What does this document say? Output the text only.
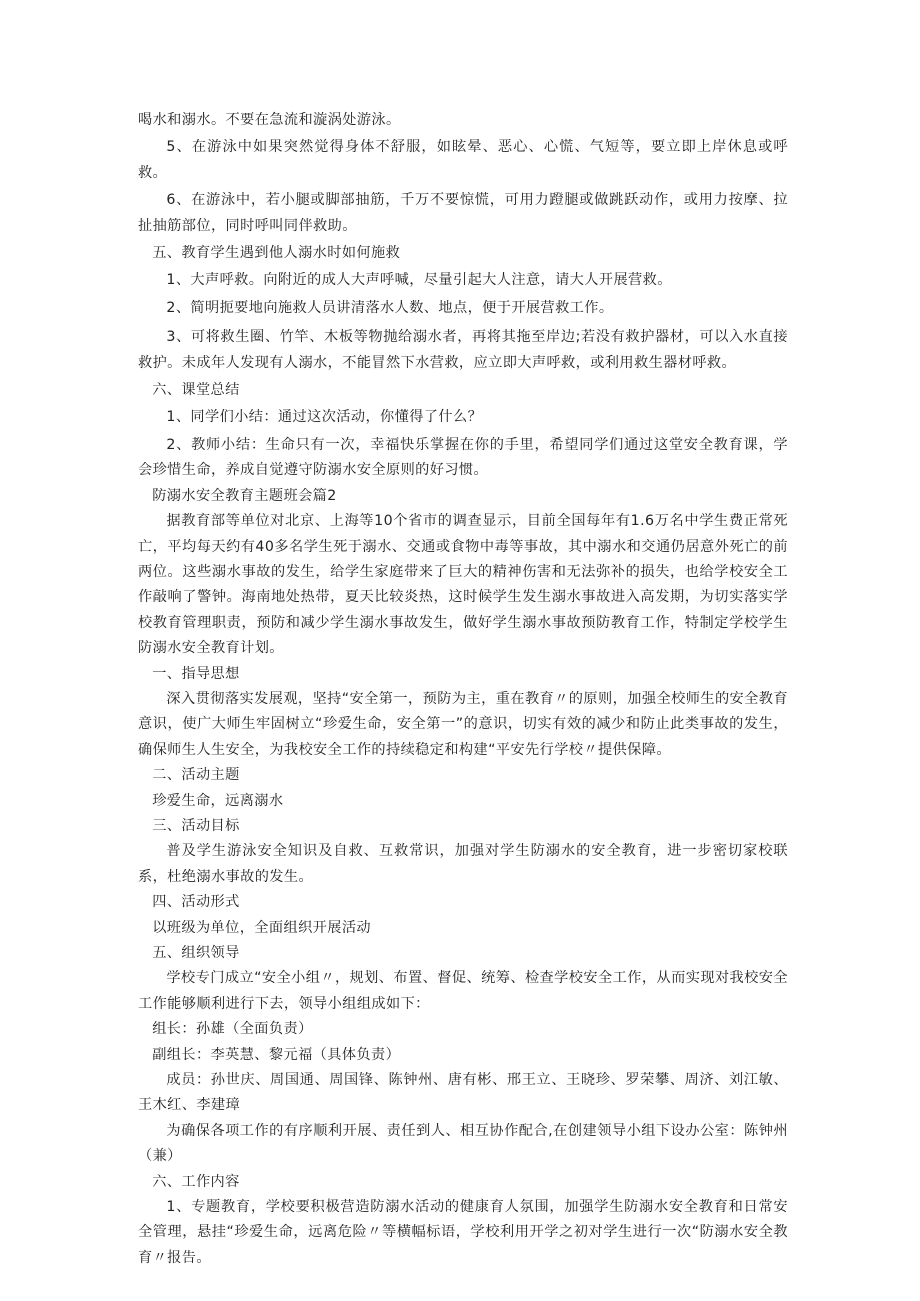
喝水和溺水。不要在急流和漩涡处游泳。

5、在游泳中如果突然觉得身体不舒服，如眩晕、恶心、心慌、气短等，要立即上岸休息或呼救。

6、在游泳中，若小腿或脚部抽筋，千万不要惊慌，可用力蹬腿或做跳跃动作，或用力按摩、拉扯抽筋部位，同时呼叫同伴救助。

五、教育学生遇到他人溺水时如何施救

1、大声呼救。向附近的成人大声呼喊，尽量引起大人注意，请大人开展营救。

2、简明扼要地向施救人员讲清落水人数、地点，便于开展营救工作。

3、可将救生圈、竹竿、木板等物抛给溺水者，再将其拖至岸边;若没有救护器材，可以入水直接救护。未成年人发现有人溺水，不能冒然下水营救，应立即大声呼救，或利用救生器材呼救。

六、课堂总结

1、同学们小结：通过这次活动，你懂得了什么？

2、教师小结：生命只有一次，幸福快乐掌握在你的手里，希望同学们通过这堂安全教育课，学会珍惜生命，养成自觉遵守防溺水安全原则的好习惯。

防溺水安全教育主题班会篇2

据教育部等单位对北京、上海等10个省市的调查显示，目前全国每年有1.6万名中学生费正常死亡，平均每天约有40多名学生死于溺水、交通或食物中毒等事故，其中溺水和交通仍居意外死亡的前两位。这些溺水事故的发生，给学生家庭带来了巨大的精神伤害和无法弥补的损失，也给学校安全工作敲响了警钟。海南地处热带，夏天比较炎热，这时候学生发生溺水事故进入高发期，为切实落实学校教育管理职责，预防和减少学生溺水事故发生，做好学生溺水事故预防教育工作，特制定学校学生防溺水安全教育计划。

一、指导思想

深入贯彻落实发展观，坚持“安全第一，预防为主，重在教育〃的原则，加强全校师生的安全教育意识，使广大师生牢固树立“珍爱生命，安全第一”的意识，切实有效的减少和防止此类事故的发生，确保师生人生安全，为我校安全工作的持续稳定和构建“平安先行学校〃提供保障。

二、活动主题

珍爱生命，远离溺水

三、活动目标

普及学生游泳安全知识及自救、互救常识，加强对学生防溺水的安全教育，进一步密切家校联系，杜绝溺水事故的发生。

四、活动形式

以班级为单位，全面组织开展活动

五、组织领导

学校专门成立“安全小组〃，规划、布置、督促、统筹、检查学校安全工作，从而实现对我校安全工作能够顺利进行下去，领导小组组成如下：

组长：孙雄（全面负责）

副组长：李英慧、黎元福（具体负责）

成员：孙世庆、周国通、周国锋、陈钟州、唐有彬、邢王立、王晓珍、罗荣攀、周济、刘江敏、王木红、李建璋

为确保各项工作的有序顺利开展、责任到人、相互协作配合,在创建领导小组下设办公室：陈钟州（兼）

六、工作内容

1、专题教育，学校要积极营造防溺水活动的健康育人氛围，加强学生防溺水安全教育和日常安全管理，悬挂“珍爱生命，远离危险〃等横幅标语，学校利用开学之初对学生进行一次“防溺水安全教育〃报告。
